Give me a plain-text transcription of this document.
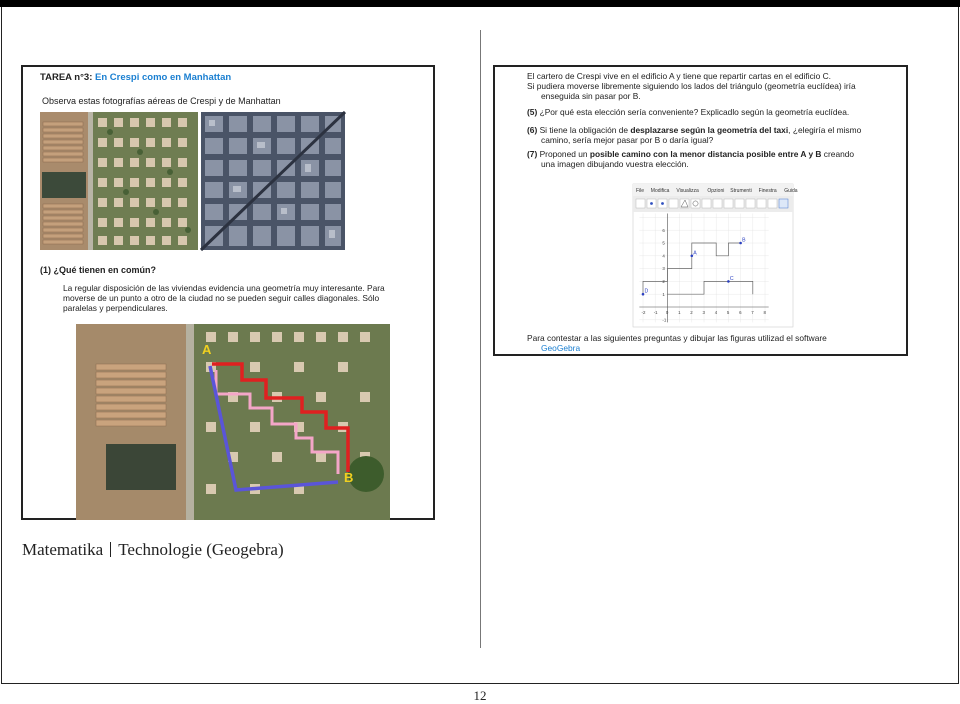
TAREA n°3: En Crespi como en Manhattan
Observa estas fotografías aéreas de Crespi y de Manhattan
(1) ¿Qué tienen en común?
La regular disposición de las viviendas evidencia una geometría muy interesante. Para moverse de un punto a otro de la ciudad no se pueden seguir calles diagonales. Sólo paralelas y perpendiculares.
A
B

El cartero de Crespi vive en el edificio A y tiene que repartir cartas en el edificio C.

Si pudiera moverse libremente siguiendo los lados del triángulo (geometría euclídea) iría

enseguida sin pasar por B.

(5) ¿Por qué esta elección sería conveniente? Explicadlo según la geometría euclídea.
(6) Si tiene la obligación de desplazarse según la geometría del taxi, ¿elegiría el mismo
camino, sería mejor pasar por B o daría igual?
(7) Proponed un posible camino con la menor distancia posible entre A y B creando
una imagen dibujando vuestra elección.
File Modifica Visualizza Opzioni Strumenti Finestra Guida
A
B
C
D
-2 -1 0 1 2 3 4 5 6 7 8
6
5
4
3
2
1
-1
Para contestar a las siguientes preguntas y dibujar las figuras utilizad el software
GeoGebra
Matematika Technologie (Geogebra)
12
